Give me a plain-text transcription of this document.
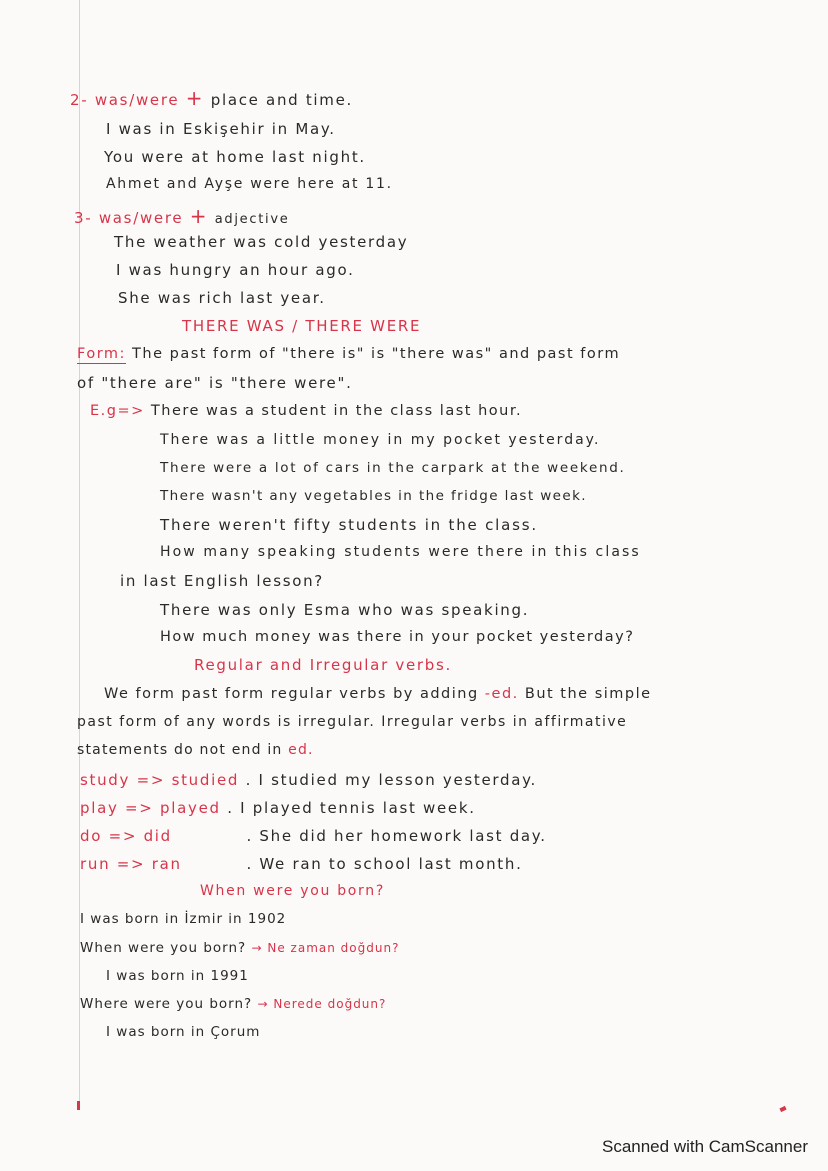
2- was/were + place and time.
I was in Eskişehir in May.
You were at home last night.
Ahmet and Ayşe were here at 11.
3- was/were + adjective
The weather was cold yesterday
I was hungry an hour ago.
She was rich last year.
THERE WAS / THERE WERE
Form: The past form of "there is" is "there was" and past form
of "there are" is "there were".
E.g=> There was a student in the class last hour.
There was a little money in my pocket yesterday.
There were a lot of cars in the carpark at the weekend.
There wasn't any vegetables in the fridge last week.
There weren't fifty students in the class.
How many speaking students were there in this class
in last English lesson?
There was only Esma who was speaking.
How much money was there in your pocket yesterday?
Regular and Irregular verbs.
We form past form regular verbs by adding -ed. But the simple
past form of any words is irregular. Irregular verbs in affirmative
statements do not end in ed.
study => studied . I studied my lesson yesterday.
play => played . I played tennis last week.
do => did	. She did her homework last day.
run => ran	. We ran to school last month.
When were you born?
I was born in İzmir in 1902
When were you born? → Ne zaman doğdun?
I was born in 1991
Where were you born? → Nerede doğdun?
I was born in Çorum
Scanned with CamScanner
